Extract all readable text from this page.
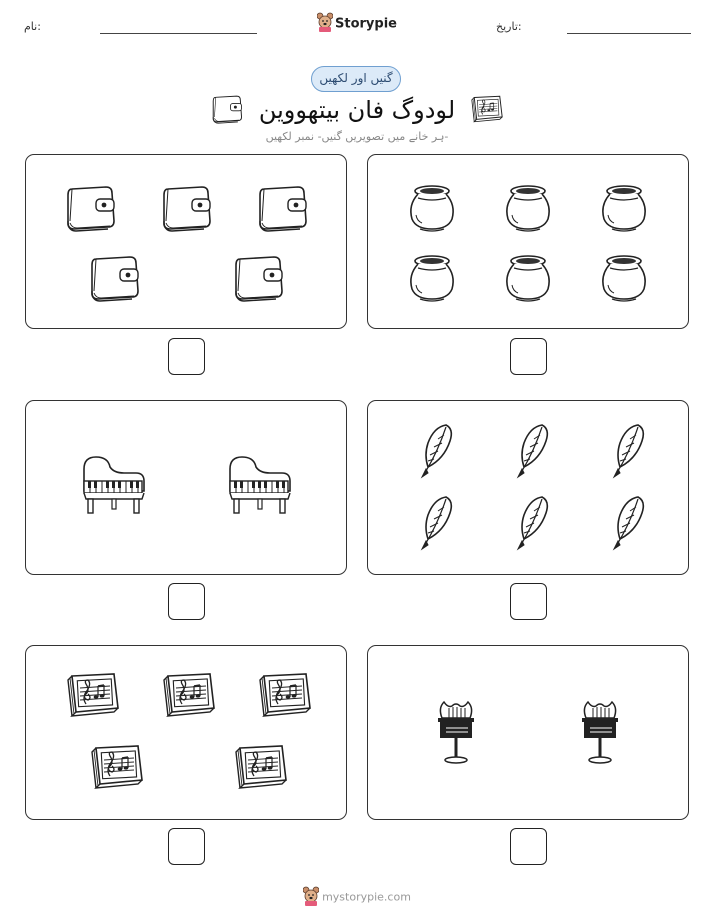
نام:	Storypie	تاریخ:
گنیں اور لکھیں
لودوگ فان بیتھووین
ہر خانے میں تصویریں گنیں- نمبر لکھیں-
mystorypie.com
